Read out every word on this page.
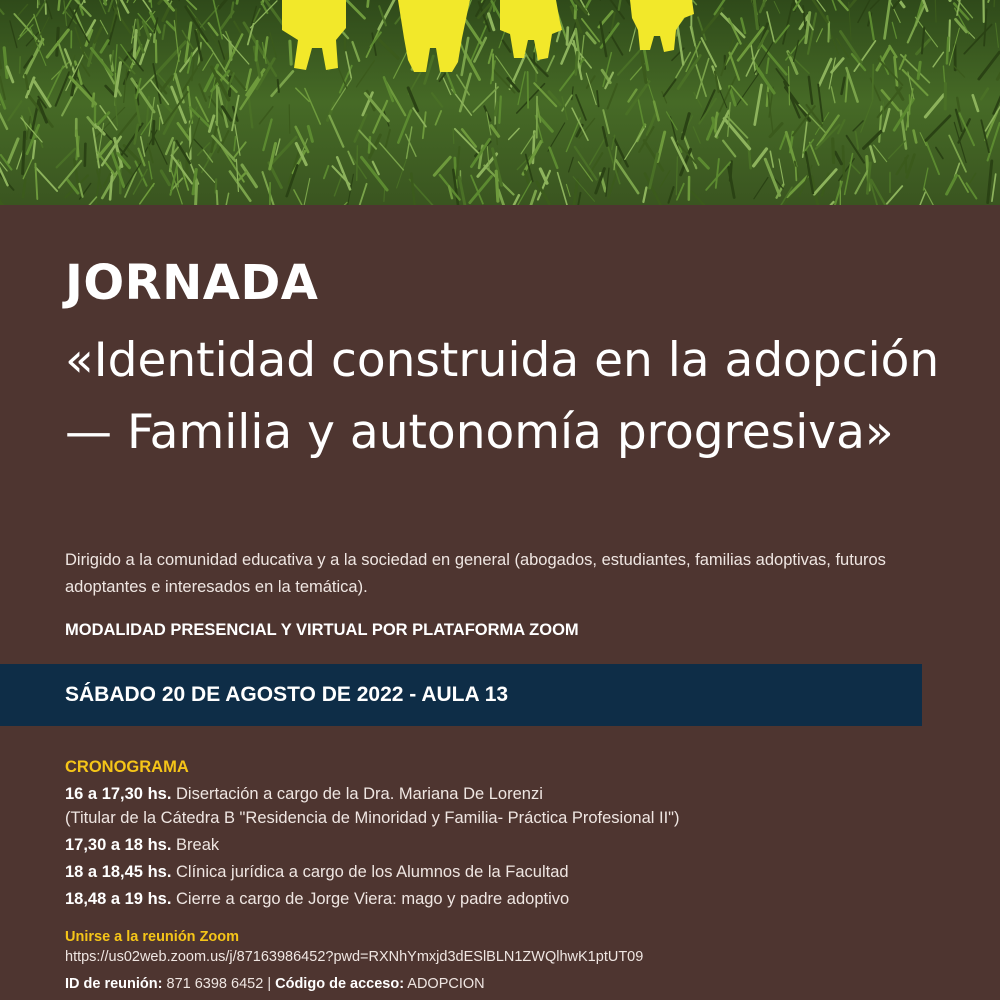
JORNADA
«Identidad construida en la adopción — Familia y autonomía progresiva»

Dirigido a la comunidad educativa y a la sociedad en general (abogados, estudiantes, familias adoptivas, futuros adoptantes e interesados en la temática).

MODALIDAD PRESENCIAL Y VIRTUAL POR PLATAFORMA ZOOM

SÁBADO 20 DE AGOSTO DE 2022 - AULA 13

CRONOGRAMA

16 a 17,30 hs. Disertación a cargo de la Dra. Mariana De Lorenzi
(Titular de la Cátedra B "Residencia de Minoridad y Familia- Práctica Profesional II")
17,30 a 18 hs. Break
18 a 18,45 hs. Clínica jurídica a cargo de los Alumnos de la Facultad
18,48 a 19 hs. Cierre a cargo de Jorge Viera: mago y padre adoptivo

Unirse a la reunión Zoom

https://us02web.zoom.us/j/87163986452?pwd=RXNhYmxjd3dESlBLN1ZWQlhwK1ptUT09

ID de reunión: 871 6398 6452 | Código de acceso: ADOPCION
